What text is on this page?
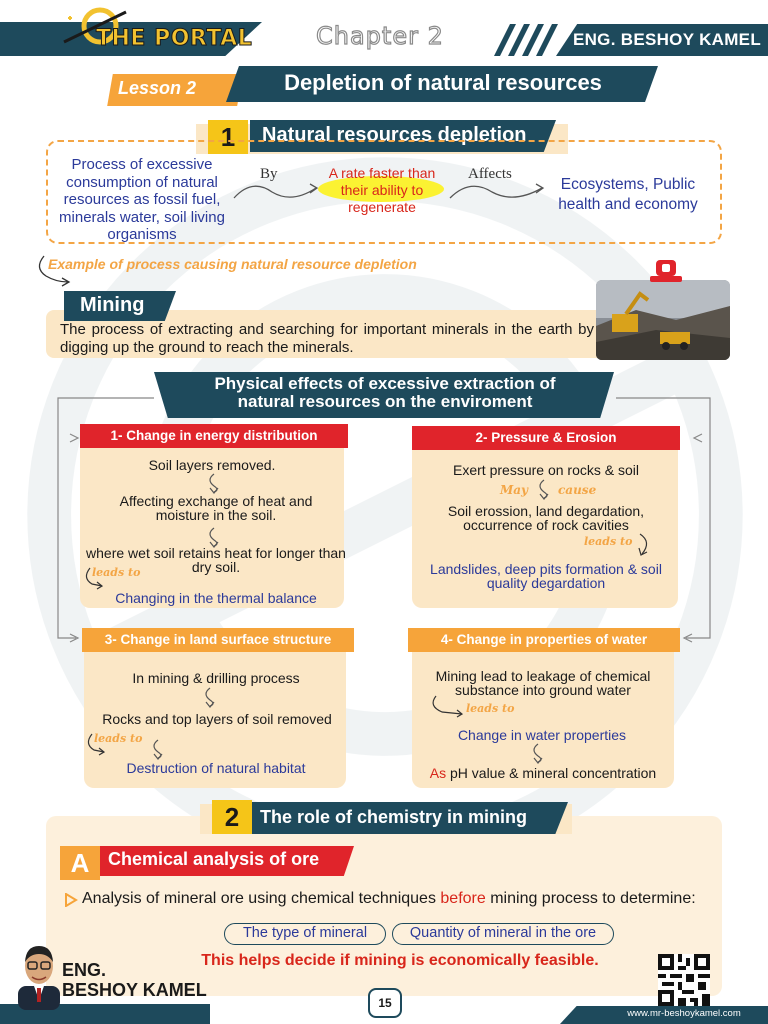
THE PORTAL	Chapter 2	ENG. BESHOY KAMEL
Lesson 2	Depletion of natural resources
1	Natural resources depletion
Process of excessive consumption of natural resources as fossil fuel, minerals water, soil living organisms
By	A rate faster than their ability to regenerate
Affects
Ecosystems, Public health and economy
Example of process causing natural resource depletion
Mining
The process of extracting and searching for important minerals in the earth by digging up the ground to reach the minerals.
Physical effects of excessive extraction of
natural resources on the enviroment
1- Change in energy distribution
Soil layers removed.
Affecting exchange of heat and moisture in the soil.
where wet soil retains heat for longer than dry soil.
leads to
Changing in the thermal balance
2- Pressure & Erosion
Exert pressure on rocks & soil
May cause
Soil erossion, land degardation, occurrence of rock cavities
leads to
Landslides, deep pits formation & soil quality degardation
3- Change in land surface structure
In mining & drilling process
Rocks and top layers of soil removed
leads to
Destruction of natural habitat
4- Change in properties of water
Mining lead to leakage of chemical substance into ground water
leads to
Change in water properties
As pH value & mineral concentration
2	The role of chemistry in mining
A	Chemical analysis of ore
Analysis of mineral ore using chemical techniques before mining process to determine:
The type of mineral	Quantity of mineral in the ore
This helps decide if mining is economically feasible.
ENG.
BESHOY KAMEL
15
www.mr-beshoykamel.com
